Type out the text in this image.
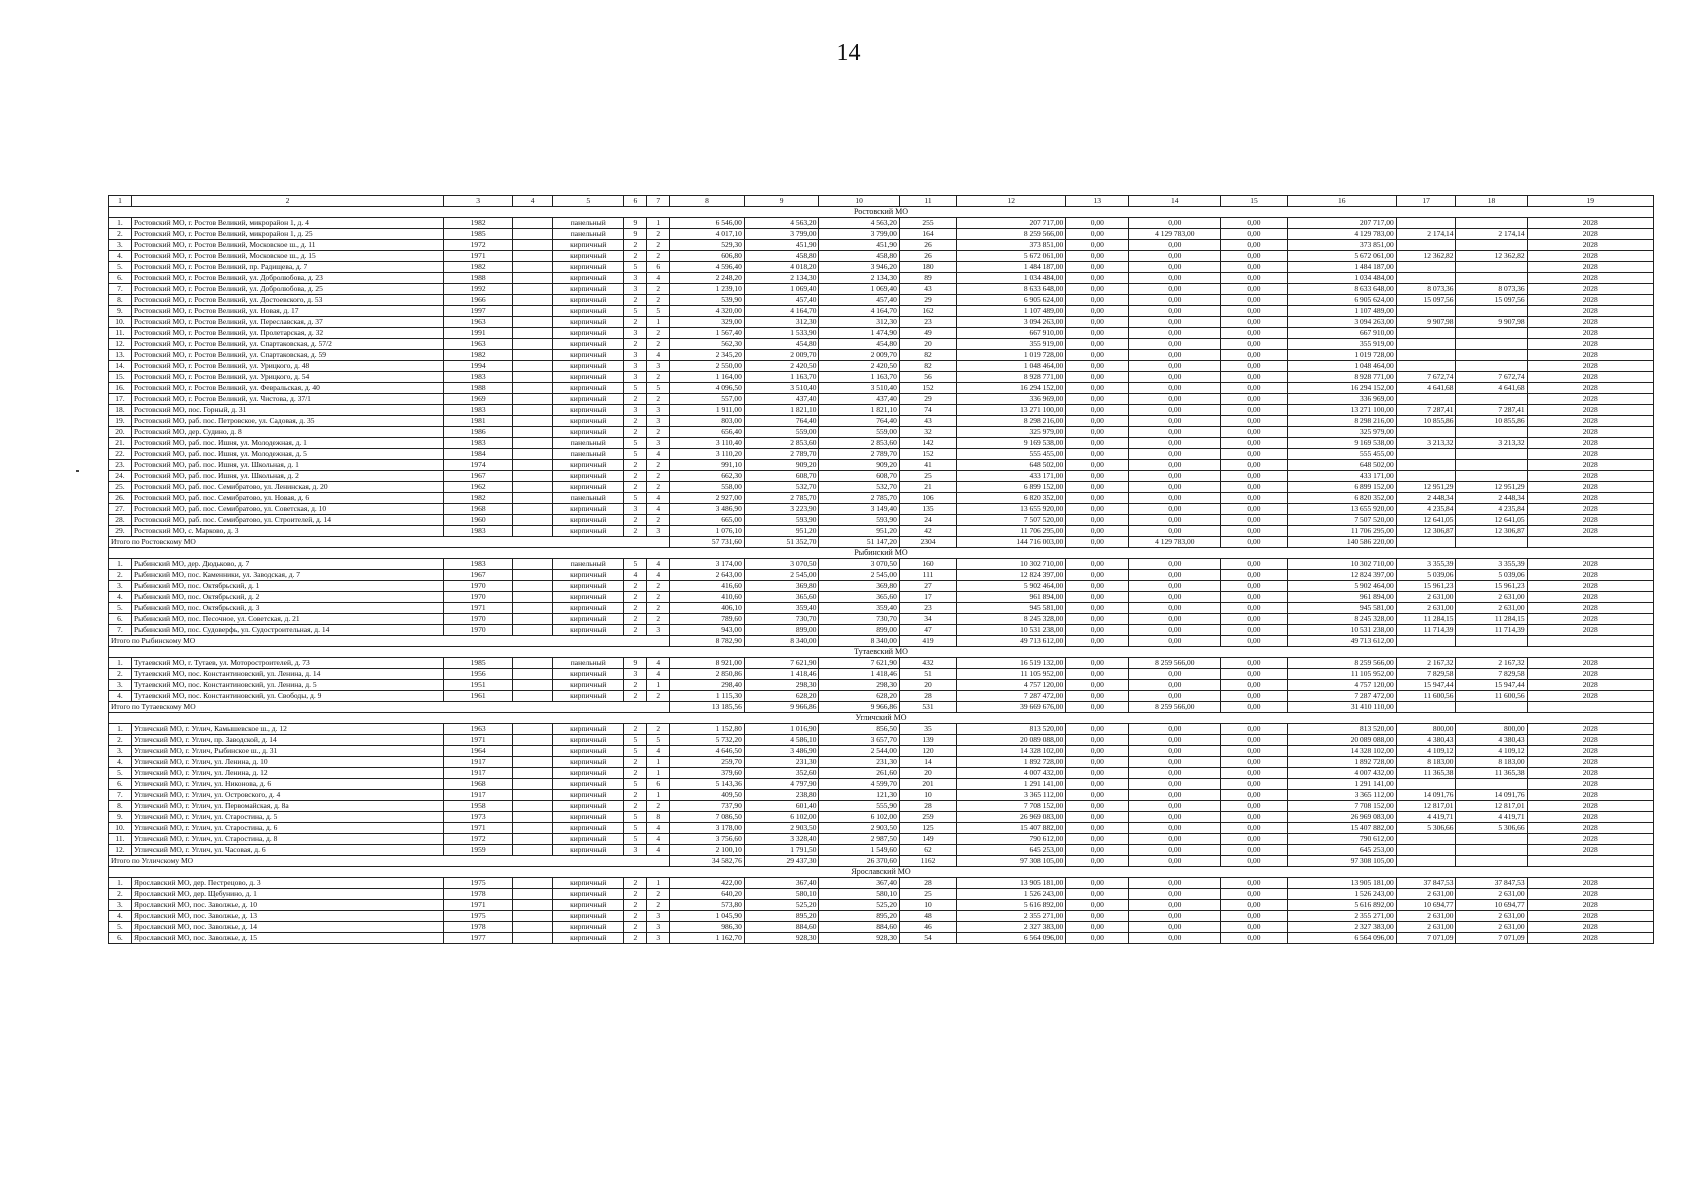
14
1	2	3	4	5	6	7	8	9	10	11	12	13	14	15	16	17	18	19
Ростовский МО																		
1.	Ростовский МО, г. Ростов Великий, микрорайон 1, д. 4	1982		панельный	9	1	6 546,00	4 563,20	4 563,20	255	207 717,00	0,00	0,00	0,00	207 717,00			2028
2.	Ростовский МО, г. Ростов Великий, микрорайон 1, д. 25	1985		панельный	9	2	4 017,10	3 799,00	3 799,00	164	8 259 566,00	0,00	4 129 783,00	0,00	4 129 783,00	2 174,14	2 174,14	2028
3.	Ростовский МО, г. Ростов Великий, Московское ш., д. 11	1972		кирпичный	2	2	529,30	451,90	451,90	26	373 851,00	0,00	0,00	0,00	373 851,00			2028
4.	Ростовский МО, г. Ростов Великий, Московское ш., д. 15	1971		кирпичный	2	2	606,80	458,80	458,80	26	5 672 061,00	0,00	0,00	0,00	5 672 061,00	12 362,82	12 362,82	2028
5.	Ростовский МО, г. Ростов Великий, пр. Радищева, д. 7	1982		кирпичный	5	6	4 596,40	4 018,20	3 946,20	180	1 484 187,00	0,00	0,00	0,00	1 484 187,00			2028
6.	Ростовский МО, г. Ростов Великий, ул. Добролюбова, д. 23	1988		кирпичный	3	4	2 248,20	2 134,30	2 134,30	89	1 034 484,00	0,00	0,00	0,00	1 034 484,00			2028
7.	Ростовский МО, г. Ростов Великий, ул. Добролюбова, д. 25	1992		кирпичный	3	2	1 239,10	1 069,40	1 069,40	43	8 633 648,00	0,00	0,00	0,00	8 633 648,00	8 073,36	8 073,36	2028
8.	Ростовский МО, г. Ростов Великий, ул. Достоевского, д. 53	1966		кирпичный	2	2	539,90	457,40	457,40	29	6 905 624,00	0,00	0,00	0,00	6 905 624,00	15 097,56	15 097,56	2028
9.	Ростовский МО, г. Ростов Великий, ул. Новая, д. 17	1997		кирпичный	5	5	4 320,00	4 164,70	4 164,70	162	1 107 489,00	0,00	0,00	0,00	1 107 489,00			2028
10.	Ростовский МО, г. Ростов Великий, ул. Переславская, д. 37	1963		кирпичный	2	1	329,00	312,30	312,30	23	3 094 263,00	0,00	0,00	0,00	3 094 263,00	9 907,98	9 907,98	2028
11.	Ростовский МО, г. Ростов Великий, ул. Пролетарская, д. 32	1991		кирпичный	3	2	1 567,40	1 533,90	1 474,90	49	667 910,00	0,00	0,00	0,00	667 910,00			2028
12.	Ростовский МО, г. Ростов Великий, ул. Спартаковская, д. 57/2	1963		кирпичный	2	2	562,30	454,80	454,80	20	355 919,00	0,00	0,00	0,00	355 919,00			2028
13.	Ростовский МО, г. Ростов Великий, ул. Спартаковская, д. 59	1982		кирпичный	3	4	2 345,20	2 009,70	2 009,70	82	1 019 728,00	0,00	0,00	0,00	1 019 728,00			2028
14.	Ростовский МО, г. Ростов Великий, ул. Урицкого, д. 48	1994		кирпичный	3	3	2 550,00	2 420,50	2 420,50	82	1 048 464,00	0,00	0,00	0,00	1 048 464,00			2028
15.	Ростовский МО, г. Ростов Великий, ул. Урицкого, д. 54	1983		кирпичный	3	2	1 164,00	1 163,70	1 163,70	56	8 928 771,00	0,00	0,00	0,00	8 928 771,00	7 672,74	7 672,74	2028
16.	Ростовский МО, г. Ростов Великий, ул. Февральская, д. 40	1988		кирпичный	5	5	4 096,50	3 510,40	3 510,40	152	16 294 152,00	0,00	0,00	0,00	16 294 152,00	4 641,68	4 641,68	2028
17.	Ростовский МО, г. Ростов Великий, ул. Чистова, д. 37/1	1969		кирпичный	2	2	557,00	437,40	437,40	29	336 969,00	0,00	0,00	0,00	336 969,00			2028
18.	Ростовский МО, пос. Горный, д. 31	1983		кирпичный	3	3	1 911,00	1 821,10	1 821,10	74	13 271 100,00	0,00	0,00	0,00	13 271 100,00	7 287,41	7 287,41	2028
19.	Ростовский МО, раб. пос. Петровское, ул. Садовая, д. 35	1981		кирпичный	2	3	803,00	764,40	764,40	43	8 298 216,00	0,00	0,00	0,00	8 298 216,00	10 855,86	10 855,86	2028
20.	Ростовский МО, дер. Судино, д. 8	1986		кирпичный	2	2	656,40	559,00	559,00	32	325 979,00	0,00	0,00	0,00	325 979,00			2028
21.	Ростовский МО, раб. пос. Ишня, ул. Молодежная, д. 1	1983		панельный	5	3	3 110,40	2 853,60	2 853,60	142	9 169 538,00	0,00	0,00	0,00	9 169 538,00	3 213,32	3 213,32	2028
22.	Ростовский МО, раб. пос. Ишня, ул. Молодежная, д. 5	1984		панельный	5	4	3 110,20	2 789,70	2 789,70	152	555 455,00	0,00	0,00	0,00	555 455,00			2028
23.	Ростовский МО, раб. пос. Ишня, ул. Школьная, д. 1	1974		кирпичный	2	2	991,10	909,20	909,20	41	648 502,00	0,00	0,00	0,00	648 502,00			2028
24.	Ростовский МО, раб. пос. Ишня, ул. Школьная, д. 2	1967		кирпичный	2	2	662,30	608,70	608,70	25	433 171,00	0,00	0,00	0,00	433 171,00			2028
25.	Ростовский МО, раб. пос. Семибратово, ул. Ленинская, д. 20	1962		кирпичный	2	2	558,00	532,70	532,70	21	6 899 152,00	0,00	0,00	0,00	6 899 152,00	12 951,29	12 951,29	2028
26.	Ростовский МО, раб. пос. Семибратово, ул. Новая, д. 6	1982		панельный	5	4	2 927,00	2 785,70	2 785,70	106	6 820 352,00	0,00	0,00	0,00	6 820 352,00	2 448,34	2 448,34	2028
27.	Ростовский МО, раб. пос. Семибратово, ул. Советская, д. 10	1968		кирпичный	3	4	3 486,90	3 223,90	3 149,40	135	13 655 920,00	0,00	0,00	0,00	13 655 920,00	4 235,84	4 235,84	2028
28.	Ростовский МО, раб. пос. Семибратово, ул. Строителей, д. 14	1960		кирпичный	2	2	665,00	593,90	593,90	24	7 507 520,00	0,00	0,00	0,00	7 507 520,00	12 641,05	12 641,05	2028
29.	Ростовский МО, с. Марково, д. 3	1983		кирпичный	2	3	1 076,10	951,20	951,20	42	11 706 295,00	0,00	0,00	0,00	11 706 295,00	12 306,87	12 306,87	2028
Итого по Ростовскому МО							57 731,60	51 352,70	51 147,20	2304	144 716 003,00	0,00	4 129 783,00	0,00	140 586 220,00			
Рыбинский МО																		
1.	Рыбинский МО, дер. Дюдьково, д. 7	1983		панельный	5	4	3 174,00	3 070,50	3 070,50	160	10 302 710,00	0,00	0,00	0,00	10 302 710,00	3 355,39	3 355,39	2028
2.	Рыбинский МО, пос. Каменники, ул. Заводская, д. 7	1967		кирпичный	4	4	2 643,00	2 545,00	2 545,00	111	12 824 397,00	0,00	0,00	0,00	12 824 397,00	5 039,06	5 039,06	2028
3.	Рыбинский МО, пос. Октябрьский, д. 1	1970		кирпичный	2	2	416,60	369,80	369,80	27	5 902 464,00	0,00	0,00	0,00	5 902 464,00	15 961,23	15 961,23	2028
4.	Рыбинский МО, пос. Октябрьский, д. 2	1970		кирпичный	2	2	410,60	365,60	365,60	17	961 894,00	0,00	0,00	0,00	961 894,00	2 631,00	2 631,00	2028
5.	Рыбинский МО, пос. Октябрьский, д. 3	1971		кирпичный	2	2	406,10	359,40	359,40	23	945 581,00	0,00	0,00	0,00	945 581,00	2 631,00	2 631,00	2028
6.	Рыбинский МО, пос. Песочное, ул. Советская, д. 21	1970		кирпичный	2	2	789,60	730,70	730,70	34	8 245 328,00	0,00	0,00	0,00	8 245 328,00	11 284,15	11 284,15	2028
7.	Рыбинский МО, пос. Судоверфь, ул. Судостроительная, д. 14	1970		кирпичный	2	3	943,00	899,00	899,00	47	10 531 238,00	0,00	0,00	0,00	10 531 238,00	11 714,39	11 714,39	2028
Итого по Рыбинскому МО							8 782,90	8 340,00	8 340,00	419	49 713 612,00	0,00	0,00	0,00	49 713 612,00			
Тутаевский МО																		
1.	Тутаевский МО, г. Тутаев, ул. Моторостроителей, д. 73	1985		панельный	9	4	8 921,00	7 621,90	7 621,90	432	16 519 132,00	0,00	8 259 566,00	0,00	8 259 566,00	2 167,32	2 167,32	2028
2.	Тутаевский МО, пос. Константиновский, ул. Ленина, д. 14	1956		кирпичный	3	4	2 850,86	1 418,46	1 418,46	51	11 105 952,00	0,00	0,00	0,00	11 105 952,00	7 829,58	7 829,58	2028
3.	Тутаевский МО, пос. Константиновский, ул. Ленина, д. 5	1951		кирпичный	2	1	298,40	298,30	298,30	20	4 757 120,00	0,00	0,00	0,00	4 757 120,00	15 947,44	15 947,44	2028
4.	Тутаевский МО, пос. Константиновский, ул. Свободы, д. 9	1961		кирпичный	2	2	1 115,30	628,20	628,20	28	7 287 472,00	0,00	0,00	0,00	7 287 472,00	11 600,56	11 600,56	2028
Итого по Тутаевскому МО							13 185,56	9 966,86	9 966,86	531	39 669 676,00	0,00	8 259 566,00	0,00	31 410 110,00			
Угличский МО																		
1.	Угличский МО, г. Углич, Камышевское ш., д. 12	1963		кирпичный	2	2	1 152,80	1 016,90	856,50	35	813 520,00	0,00	0,00	0,00	813 520,00	800,00	800,00	2028
2.	Угличский МО, г. Углич, пр. Заводской, д. 14	1971		кирпичный	5	5	5 732,20	4 586,10	3 657,70	139	20 089 088,00	0,00	0,00	0,00	20 089 088,00	4 380,43	4 380,43	2028
3.	Угличский МО, г. Углич, Рыбинское ш., д. 31	1964		кирпичный	5	4	4 646,50	3 486,90	2 544,00	120	14 328 102,00	0,00	0,00	0,00	14 328 102,00	4 109,12	4 109,12	2028
4.	Угличский МО, г. Углич, ул. Ленина, д. 10	1917		кирпичный	2	1	259,70	231,30	231,30	14	1 892 728,00	0,00	0,00	0,00	1 892 728,00	8 183,00	8 183,00	2028
5.	Угличский МО, г. Углич, ул. Ленина, д. 12	1917		кирпичный	2	1	379,60	352,60	261,60	20	4 007 432,00	0,00	0,00	0,00	4 007 432,00	11 365,38	11 365,38	2028
6.	Угличский МО, г. Углич, ул. Никонова, д. 6	1968		кирпичный	5	6	5 143,36	4 797,90	4 599,70	201	1 291 141,00	0,00	0,00	0,00	1 291 141,00			2028
7.	Угличский МО, г. Углич, ул. Островского, д. 4	1917		кирпичный	2	1	409,50	238,80	121,30	10	3 365 112,00	0,00	0,00	0,00	3 365 112,00	14 091,76	14 091,76	2028
8.	Угличский МО, г. Углич, ул. Первомайская, д. 8а	1958		кирпичный	2	2	737,90	601,40	555,90	28	7 708 152,00	0,00	0,00	0,00	7 708 152,00	12 817,01	12 817,01	2028
9.	Угличский МО, г. Углич, ул. Старостина, д. 5	1973		кирпичный	5	8	7 086,50	6 102,00	6 102,00	259	26 969 083,00	0,00	0,00	0,00	26 969 083,00	4 419,71	4 419,71	2028
10.	Угличский МО, г. Углич, ул. Старостина, д. 6	1971		кирпичный	5	4	3 178,00	2 903,50	2 903,50	125	15 407 882,00	0,00	0,00	0,00	15 407 882,00	5 306,66	5 306,66	2028
11.	Угличский МО, г. Углич, ул. Старостина, д. 8	1972		кирпичный	5	4	3 756,60	3 328,40	2 987,50	149	790 612,00	0,00	0,00	0,00	790 612,00			2028
12.	Угличский МО, г. Углич, ул. Часовая, д. 6	1959		кирпичный	3	4	2 100,10	1 791,50	1 549,60	62	645 253,00	0,00	0,00	0,00	645 253,00			2028
Итого по Угличскому МО							34 582,76	29 437,30	26 370,60	1162	97 308 105,00	0,00	0,00	0,00	97 308 105,00			
Ярославский МО																		
1.	Ярославский МО, дер. Пестрецово, д. 3	1975		кирпичный	2	1	422,00	367,40	367,40	28	13 905 181,00	0,00	0,00	0,00	13 905 181,00	37 847,53	37 847,53	2028
2.	Ярославский МО, дер. Щебунино, д. 1	1978		кирпичный	2	2	640,20	580,10	580,10	25	1 526 243,00	0,00	0,00	0,00	1 526 243,00	2 631,00	2 631,00	2028
3.	Ярославский МО, пос. Заволжье, д. 10	1971		кирпичный	2	2	573,80	525,20	525,20	10	5 616 892,00	0,00	0,00	0,00	5 616 892,00	10 694,77	10 694,77	2028
4.	Ярославский МО, пос. Заволжье, д. 13	1975		кирпичный	2	3	1 045,90	895,20	895,20	48	2 355 271,00	0,00	0,00	0,00	2 355 271,00	2 631,00	2 631,00	2028
5.	Ярославский МО, пос. Заволжье, д. 14	1978		кирпичный	2	3	986,30	884,60	884,60	46	2 327 383,00	0,00	0,00	0,00	2 327 383,00	2 631,00	2 631,00	2028
6.	Ярославский МО, пос. Заволжье, д. 15	1977		кирпичный	2	3	1 162,70	928,30	928,30	54	6 564 096,00	0,00	0,00	0,00	6 564 096,00	7 071,09	7 071,09	2028
